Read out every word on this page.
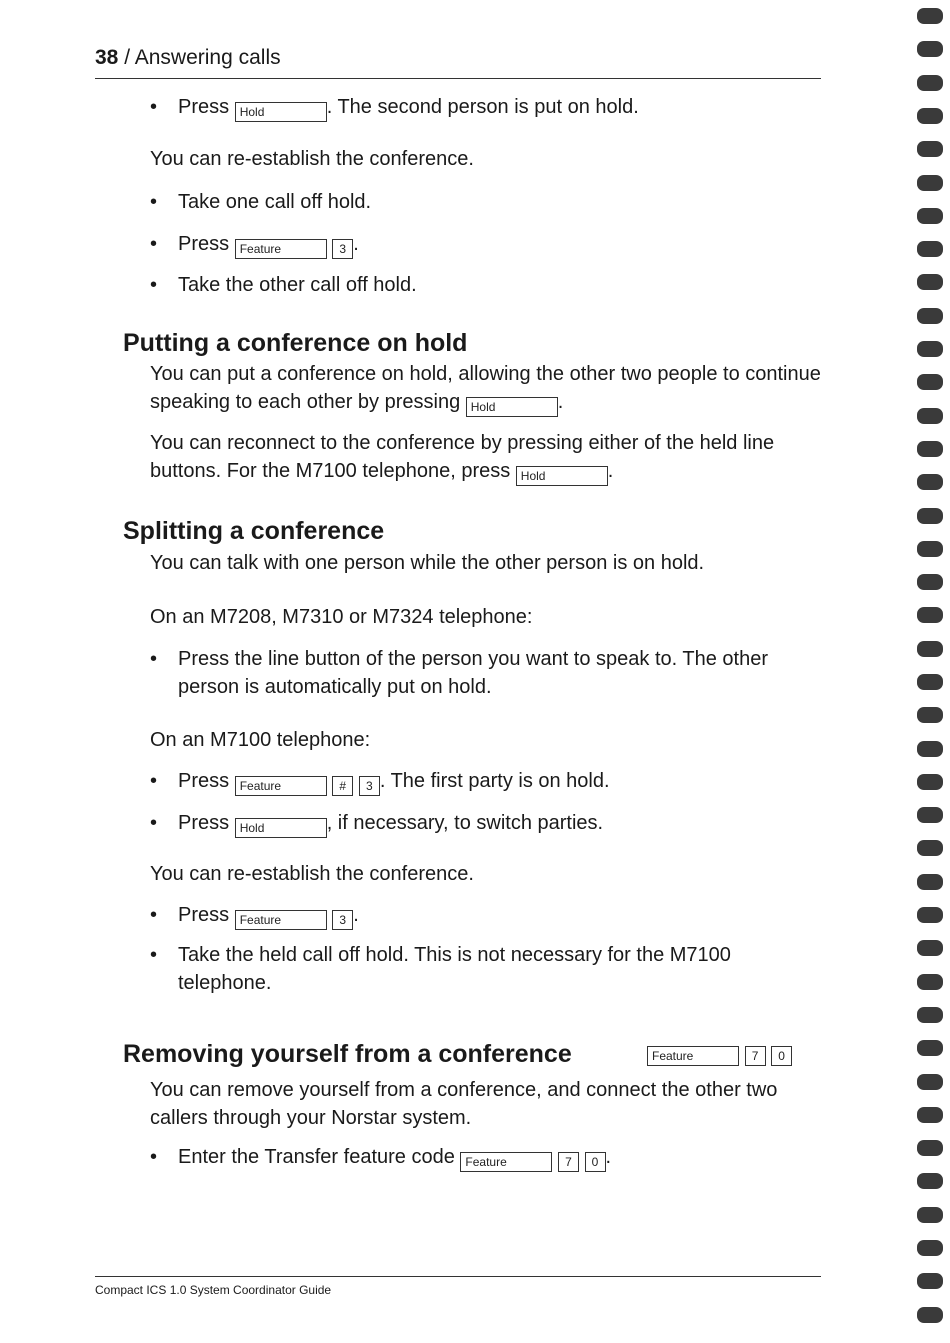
38 / Answering calls
• Press Hold	. The second person is put on hold.

You can re-establish the conference.

• Take one call off hold.
• Press Feature	3 .
• Take the other call off hold.
Putting a conference on hold

You can put a conference on hold, allowing the other two people to continue speaking to each other by pressing Hold	.

You can reconnect to the conference by pressing either of the held line buttons. For the M7100 telephone, press Hold	.

Splitting a conference

You can talk with one person while the other person is on hold.

On an M7208, M7310 or M7324 telephone:

• Press the line button of the person you want to speak to. The other person is automatically put on hold.

On an M7100 telephone:

• Press Feature	# 3 . The first party is on hold.
• Press Hold	, if necessary, to switch parties.

You can re-establish the conference.

• Press Feature	3 .
• Take the held call off hold. This is not necessary for the M7100 telephone.
Removing yourself from a conference	Feature	7 0

You can remove yourself from a conference, and connect the other two callers through your Norstar system.

• Enter the Transfer feature code Feature	7 0 .
Compact ICS 1.0 System Coordinator Guide
